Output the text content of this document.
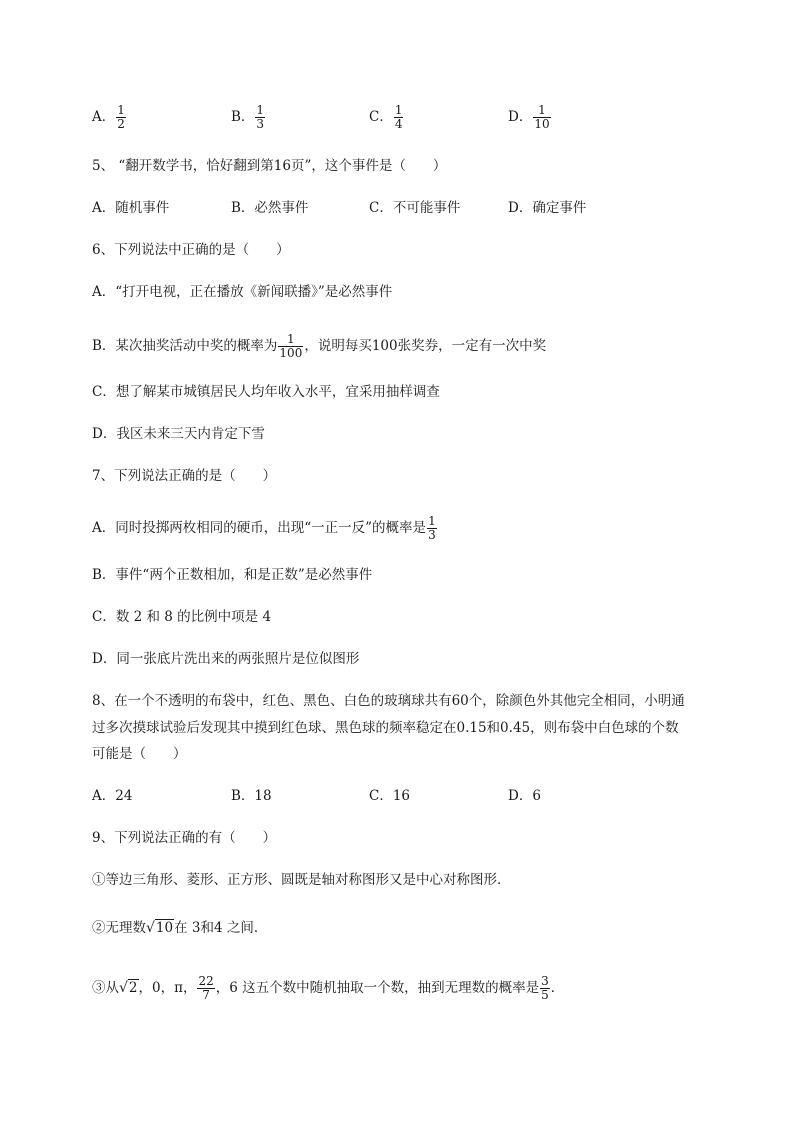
A． $\frac{1}{2}$	B． $\frac{1}{3}$	C． $\frac{1}{4}$	D． $\frac{1}{10}$
5、 “翻开数学书，恰好翻到第16页”，这个事件是（　　）
A．随机事件	B．必然事件	C．不可能事件	D．确定事件
6、下列说法中正确的是（　　）
A．“打开电视，正在播放《新闻联播》”是必然事件
B．某次抽奖活动中奖的概率为 $\frac{1}{100}$ ，说明每买100张奖券，一定有一次中奖
C．想了解某市城镇居民人均年收入水平，宜采用抽样调查
D．我区未来三天内肯定下雪
7、下列说法正确的是（　　）
A．同时投掷两枚相同的硬币，出现“一正一反”的概率是 $\frac{1}{3}$
B．事件“两个正数相加，和是正数”是必然事件
C．数 2 和 8 的比例中项是 4
D．同一张底片洗出来的两张照片是位似图形
8、在一个不透明的布袋中，红色、黑色、白色的玻璃球共有60个，除颜色外其他完全相同，小明通
过多次摸球试验后发现其中摸到红色球、黑色球的频率稳定在0.15和0.45，则布袋中白色球的个数
可能是（　　）
A．24	B．18	C．16	D．6
9、下列说法正确的有（　　）
①等边三角形、菱形、正方形、圆既是轴对称图形又是中心对称图形．
②无理数√10在 3和4 之间．
③从√2，0，π， $\frac{22}{7}$ ，6 这五个数中随机抽取一个数，抽到无理数的概率是 $\frac{3}{5}$ ．
